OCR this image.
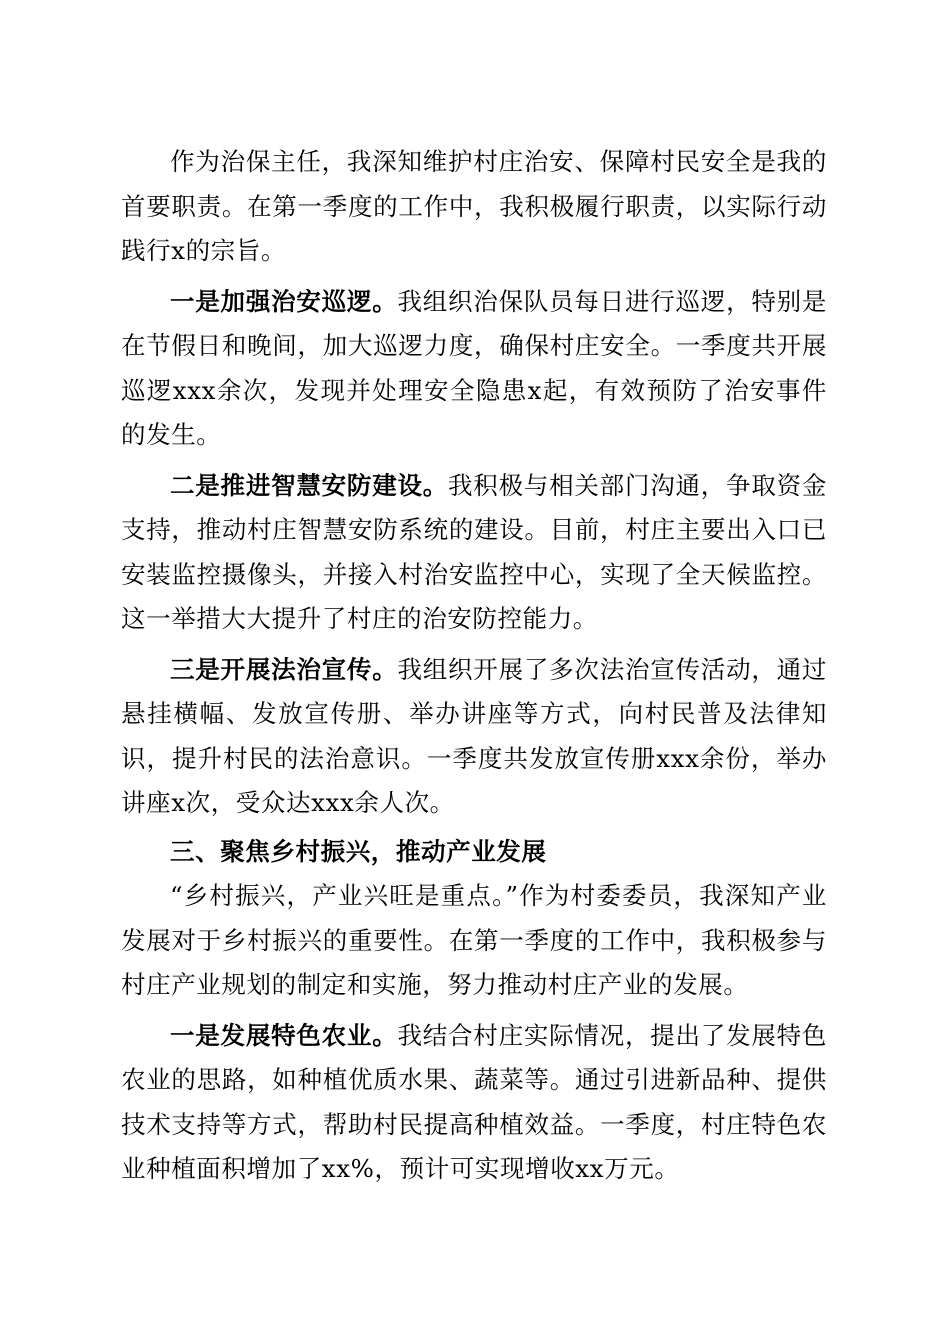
作为治保主任，我深知维护村庄治安、保障村民安全是我的首要职责。在第一季度的工作中，我积极履行职责，以实际行动践行x的宗旨。

一是加强治安巡逻。我组织治保队员每日进行巡逻，特别是在节假日和晚间，加大巡逻力度，确保村庄安全。一季度共开展巡逻xxx余次，发现并处理安全隐患x起，有效预防了治安事件的发生。

二是推进智慧安防建设。我积极与相关部门沟通，争取资金支持，推动村庄智慧安防系统的建设。目前，村庄主要出入口已安装监控摄像头，并接入村治安监控中心，实现了全天候监控。这一举措大大提升了村庄的治安防控能力。

三是开展法治宣传。我组织开展了多次法治宣传活动，通过悬挂横幅、发放宣传册、举办讲座等方式，向村民普及法律知识，提升村民的法治意识。一季度共发放宣传册xxx余份，举办讲座x次，受众达xxx余人次。

三、聚焦乡村振兴，推动产业发展

“乡村振兴，产业兴旺是重点。”作为村委委员，我深知产业发展对于乡村振兴的重要性。在第一季度的工作中，我积极参与村庄产业规划的制定和实施，努力推动村庄产业的发展。

一是发展特色农业。我结合村庄实际情况，提出了发展特色农业的思路，如种植优质水果、蔬菜等。通过引进新品种、提供技术支持等方式，帮助村民提高种植效益。一季度，村庄特色农业种植面积增加了xx%，预计可实现增收xx万元。
